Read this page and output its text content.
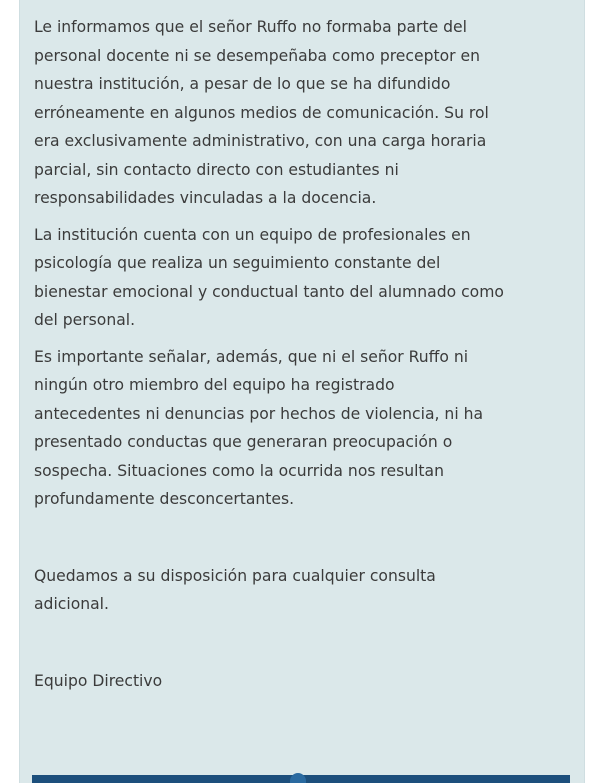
Le informamos que el señor Ruffo no formaba parte del
personal docente ni se desempeñaba como preceptor en
nuestra institución, a pesar de lo que se ha difundido
erróneamente en algunos medios de comunicación. Su rol
era exclusivamente administrativo, con una carga horaria
parcial, sin contacto directo con estudiantes ni
responsabilidades vinculadas a la docencia.

La institución cuenta con un equipo de profesionales en
psicología que realiza un seguimiento constante del
bienestar emocional y conductual tanto del alumnado como
del personal.

Es importante señalar, además, que ni el señor Ruffo ni
ningún otro miembro del equipo ha registrado
antecedentes ni denuncias por hechos de violencia, ni ha
presentado conductas que generaran preocupación o
sospecha. Situaciones como la ocurrida nos resultan
profundamente desconcertantes.

Quedamos a su disposición para cualquier consulta
adicional.

Equipo Directivo
